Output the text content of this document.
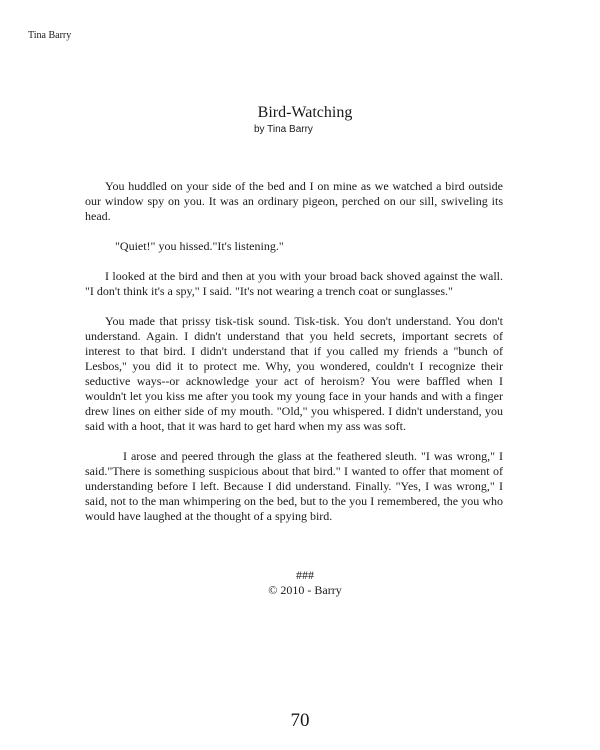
Tina Barry
Bird-Watching
by Tina Barry

You huddled on your side of the bed and I on mine as we watched a bird outside our window spy on you. It was an ordinary pigeon, perched on our sill, swiveling its head.

"Quiet!" you hissed."It's listening."

I looked at the bird and then at you with your broad back shoved against the wall. "I don't think it's a spy," I said. "It's not wearing a trench coat or sunglasses."

You made that prissy tisk-tisk sound. Tisk-tisk. You don't understand. You don't understand. Again. I didn't understand that you held secrets, important secrets of interest to that bird. I didn't understand that if you called my friends a "bunch of Lesbos," you did it to protect me. Why, you wondered, couldn't I recognize their seductive ways--or acknowledge your act of heroism? You were baffled when I wouldn't let you kiss me after you took my young face in your hands and with a finger drew lines on either side of my mouth. "Old," you whispered. I didn't understand, you said with a hoot, that it was hard to get hard when my ass was soft.

I arose and peered through the glass at the feathered sleuth. "I was wrong," I said."There is something suspicious about that bird." I wanted to offer that moment of understanding before I left. Because I did understand. Finally. "Yes, I was wrong," I said, not to the man whimpering on the bed, but to the you I remembered, the you who would have laughed at the thought of a spying bird.

###
© 2010 - Barry
70
